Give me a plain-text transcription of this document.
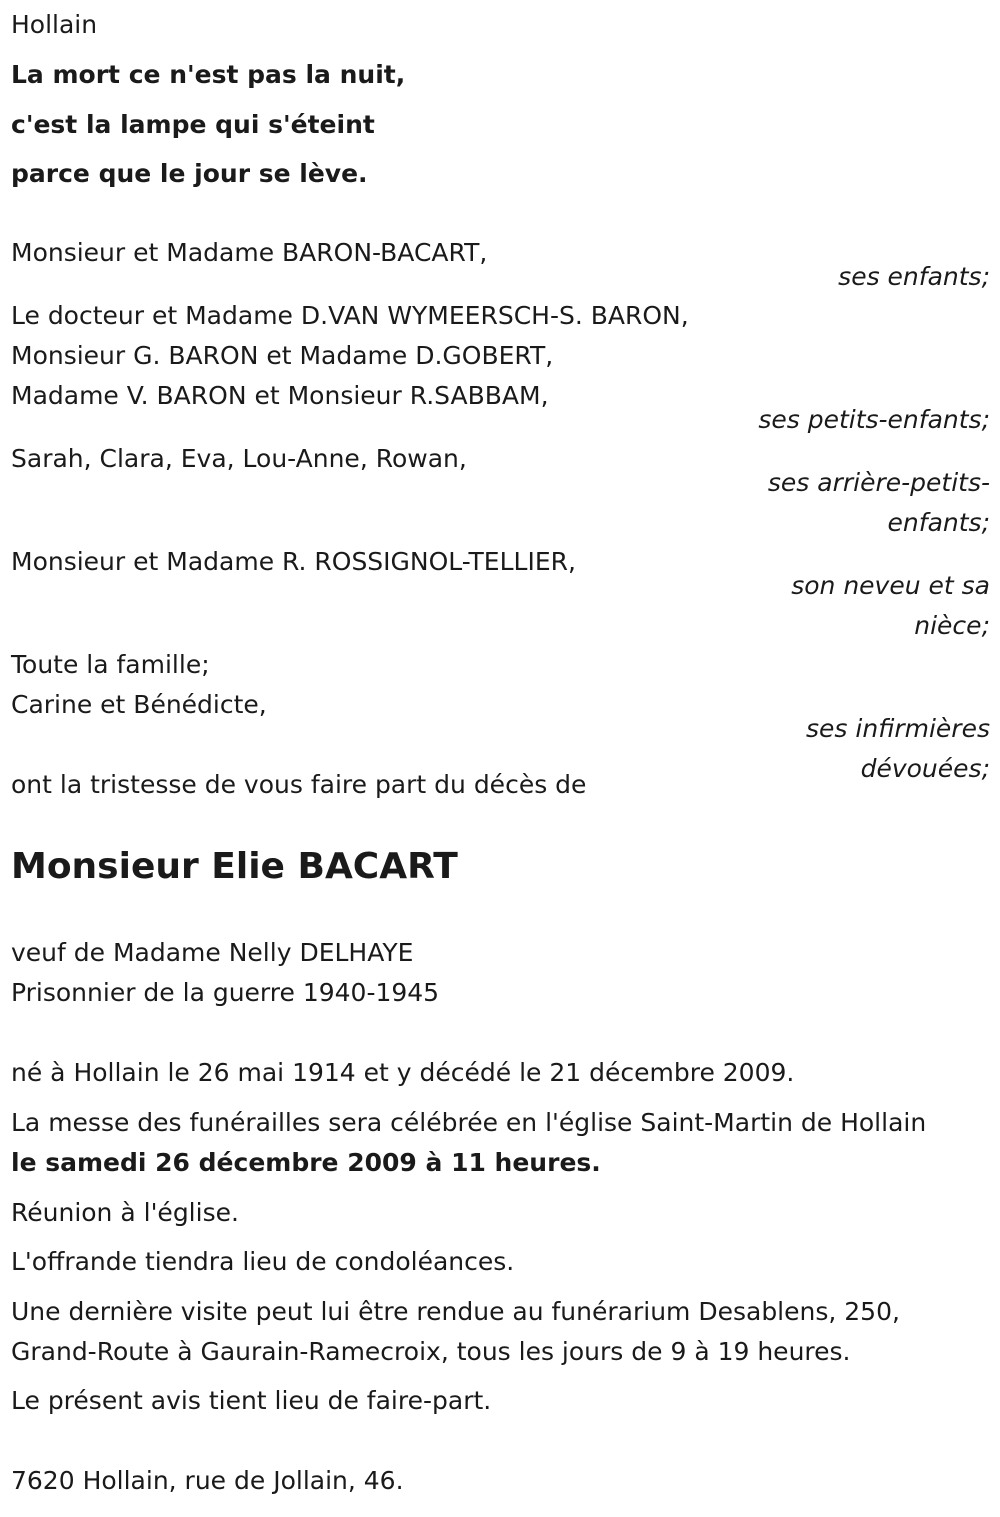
Hollain
La mort ce n'est pas la nuit,
c'est la lampe qui s'éteint
parce que le jour se lève.
Monsieur et Madame BARON-BACART,
ses enfants;
Le docteur et Madame D.VAN WYMEERSCH-S. BARON,
Monsieur G. BARON et Madame D.GOBERT,
Madame V. BARON et Monsieur R.SABBAM,
ses petits-enfants;
Sarah, Clara, Eva, Lou-Anne, Rowan,
ses arrière-petits-
enfants;
Monsieur et Madame R. ROSSIGNOL-TELLIER,
son neveu et sa
nièce;
Toute la famille;
Carine et Bénédicte,
ses infirmières
dévouées;
ont la tristesse de vous faire part du décès de
Monsieur Elie BACART
veuf de Madame Nelly DELHAYE
Prisonnier de la guerre 1940-1945
né à Hollain le 26 mai 1914 et y décédé le 21 décembre 2009.
La messe des funérailles sera célébrée en l'église Saint-Martin de Hollain
le samedi 26 décembre 2009 à 11 heures.
Réunion à l'église.
L'offrande tiendra lieu de condoléances.
Une dernière visite peut lui être rendue au funérarium Desablens, 250,
Grand-Route à Gaurain-Ramecroix, tous les jours de 9 à 19 heures.
Le présent avis tient lieu de faire-part.
7620 Hollain, rue de Jollain, 46.
